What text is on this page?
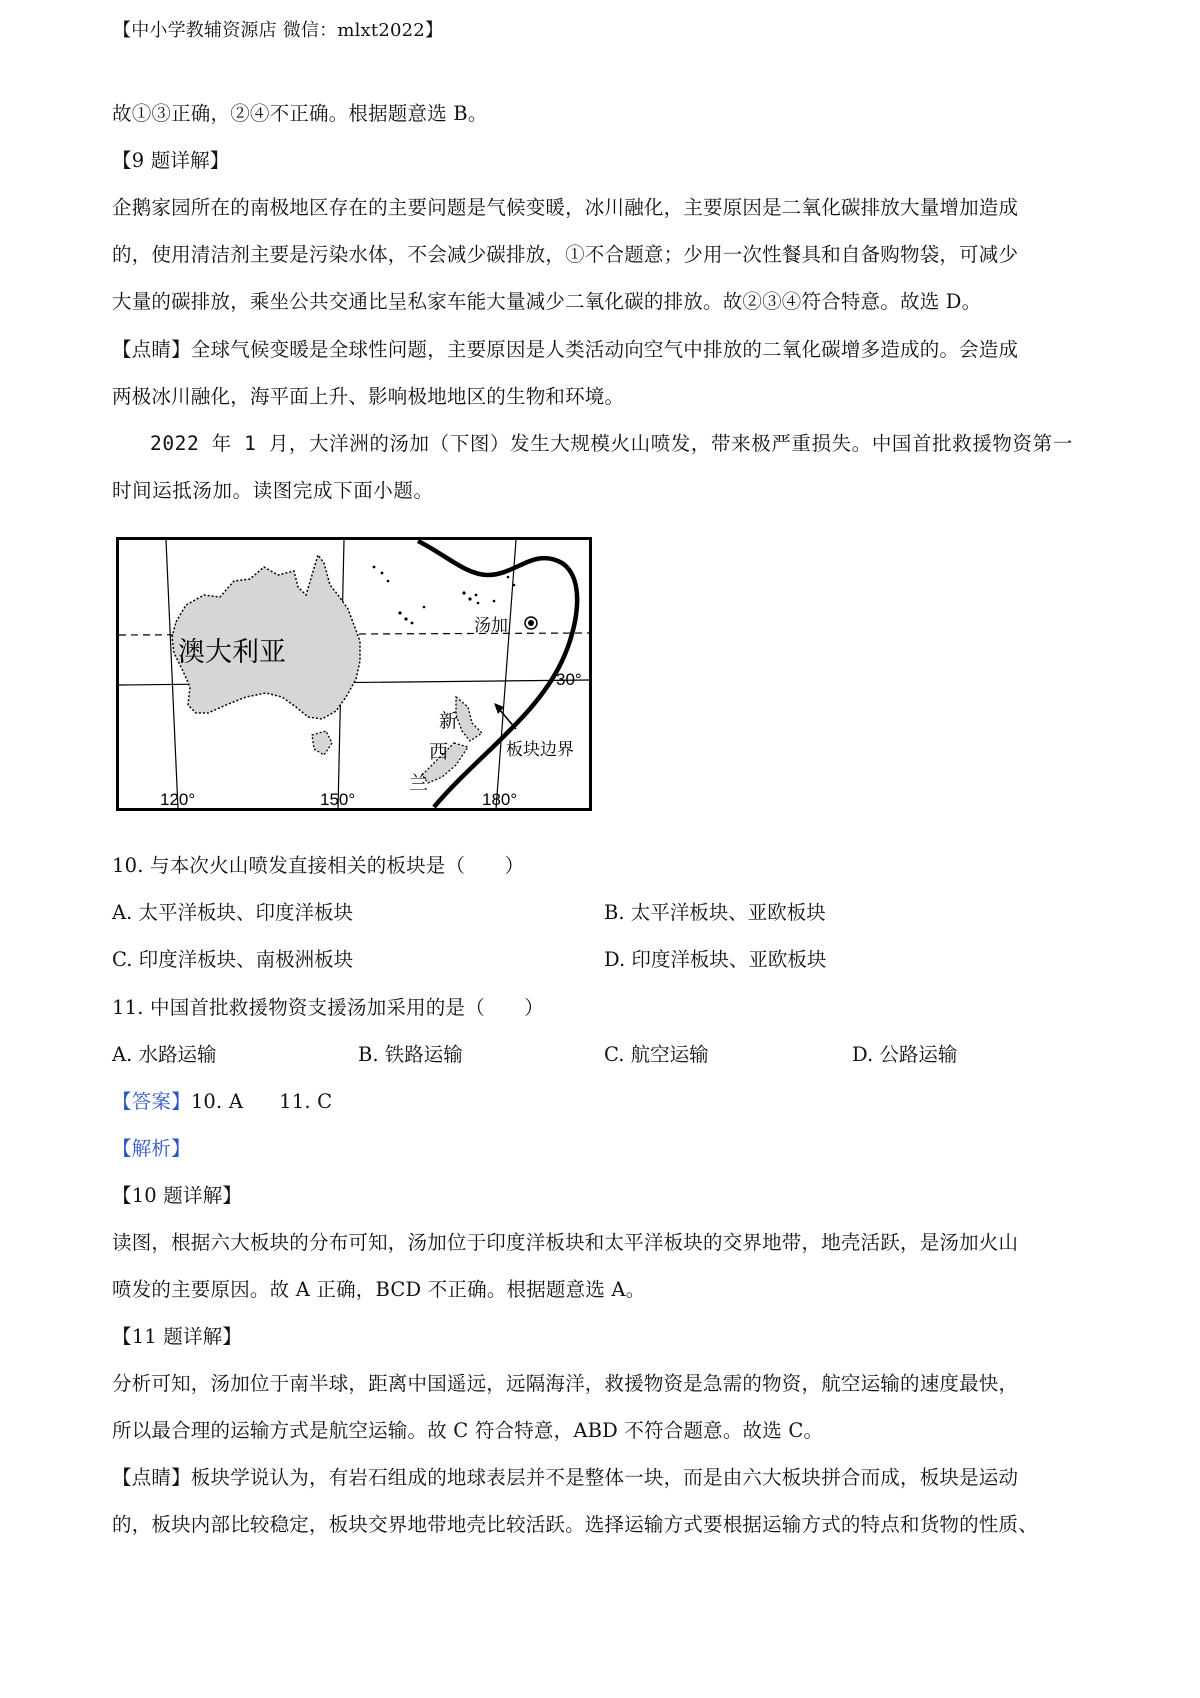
【中小学教辅资源店 微信：mlxt2022】
故①③正确，②④不正确。根据题意选 B。
【9 题详解】
企鹅家园所在的南极地区存在的主要问题是气候变暖，冰川融化，主要原因是二氧化碳排放大量增加造成
的，使用清洁剂主要是污染水体，不会减少碳排放，①不合题意；少用一次性餐具和自备购物袋，可减少
大量的碳排放，乘坐公共交通比呈私家车能大量减少二氧化碳的排放。故②③④符合特意。故选 D。
【点睛】全球气候变暖是全球性问题，主要原因是人类活动向空气中排放的二氧化碳增多造成的。会造成
两极冰川融化，海平面上升、影响极地地区的生物和环境。
2022 年 1 月，大洋洲的汤加（下图）发生大规模火山喷发，带来极严重损失。中国首批救援物资第一
时间运抵汤加。读图完成下面小题。
澳大利亚
汤加
30°
新
西
兰
板块边界
120°	150°	180°
10. 与本次火山喷发直接相关的板块是（　　）
A. 太平洋板块、印度洋板块	B. 太平洋板块、亚欧板块
C. 印度洋板块、南极洲板块	D. 印度洋板块、亚欧板块
11. 中国首批救援物资支援汤加采用的是（　　）
A. 水路运输	B. 铁路运输	C. 航空运输	D. 公路运输
【答案】10. A 11. C
【解析】
【10 题详解】
读图，根据六大板块的分布可知，汤加位于印度洋板块和太平洋板块的交界地带，地壳活跃，是汤加火山
喷发的主要原因。故 A 正确，BCD 不正确。根据题意选 A。
【11 题详解】
分析可知，汤加位于南半球，距离中国遥远，远隔海洋，救援物资是急需的物资，航空运输的速度最快，
所以最合理的运输方式是航空运输。故 C 符合特意，ABD 不符合题意。故选 C。
【点睛】板块学说认为，有岩石组成的地球表层并不是整体一块，而是由六大板块拼合而成，板块是运动
的，板块内部比较稳定，板块交界地带地壳比较活跃。选择运输方式要根据运输方式的特点和货物的性质、
